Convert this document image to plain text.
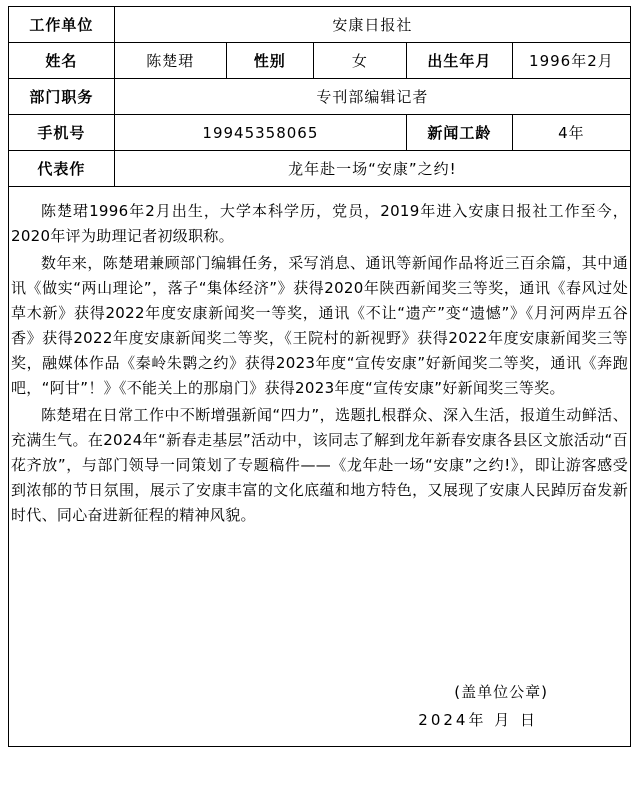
工作单位	安康日报社				
姓名	陈楚珺	性别	女	出生年月	1996年2月
部门职务	专刊部编辑记者				
手机号	19945358065			新闻工龄	4年
代表作	龙年赴一场“安康”之约!				

陈楚珺1996年2月出生，大学本科学历，党员，2019年进入安康日报社工作至今，2020年评为助理记者初级职称。

数年来，陈楚珺兼顾部门编辑任务，采写消息、通讯等新闻作品将近三百余篇，其中通讯《做实“两山理论”，落子“集体经济”》获得2020年陕西新闻奖三等奖，通讯《春风过处草木新》获得2022年度安康新闻奖一等奖，通讯《不让“遗产”变“遗憾”》《月河两岸五谷香》获得2022年度安康新闻奖二等奖，《王院村的新视野》获得2022年度安康新闻奖三等奖，融媒体作品《秦岭朱鹮之约》获得2023年度“宣传安康”好新闻奖二等奖，通讯《奔跑吧，“阿甘”！》《不能关上的那扇门》获得2023年度“宣传安康”好新闻奖三等奖。

陈楚珺在日常工作中不断增强新闻“四力”，选题扎根群众、深入生活，报道生动鲜活、充满生气。在2024年“新春走基层”活动中，该同志了解到龙年新春安康各县区文旅活动“百花齐放”，与部门领导一同策划了专题稿件——《龙年赴一场“安康”之约!》，即让游客感受到浓郁的节日氛围，展示了安康丰富的文化底蕴和地方特色，又展现了安康人民踔厉奋发新时代、同心奋进新征程的精神风貌。

(盖单位公章)
2024年 月 日					
